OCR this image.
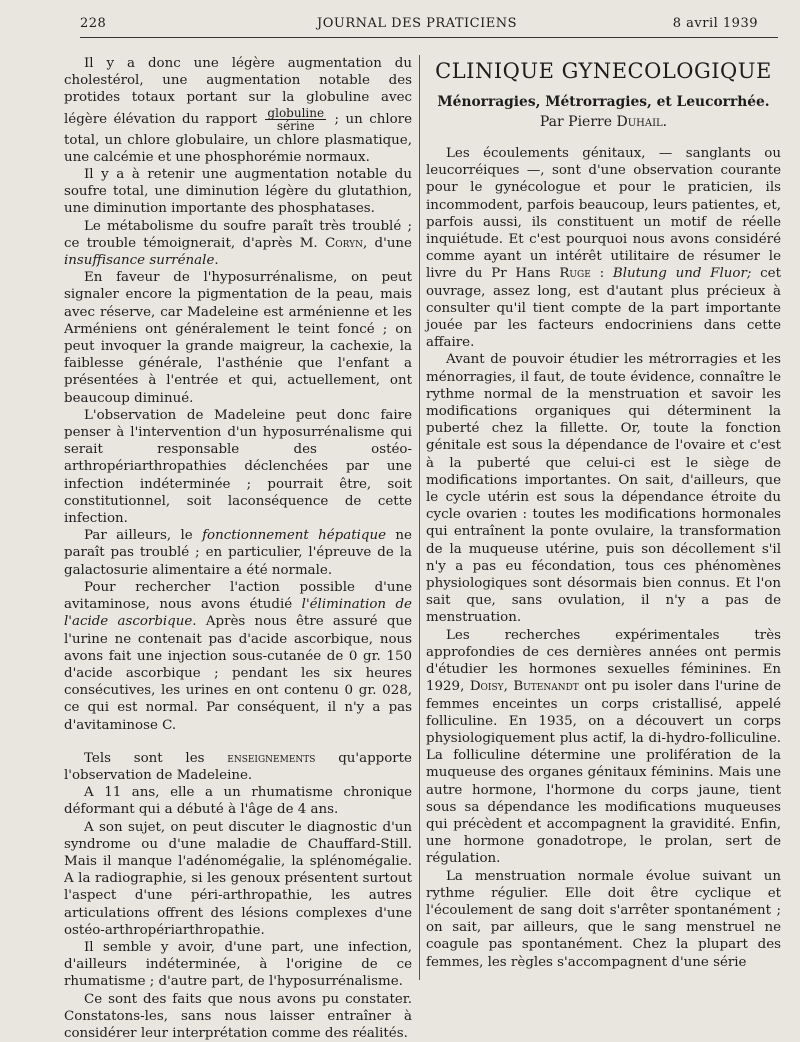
228	JOURNAL DES PRATICIENS	8 avril 1939

Il y a donc une légère augmentation du cholestérol, une augmentation notable des protides totaux portant sur la globuline avec légère élévation du rapport $\frac{\text{globuline}}{\text{sérine}}$ ; un chlore total, un chlore globulaire, un chlore plasmatique, une calcémie et une phosphorémie normaux.

Il y a à retenir une augmentation notable du soufre total, une diminution légère du glutathion, une diminution importante des phosphatases.

Le métabolisme du soufre paraît très troublé ; ce trouble témoignerait, d'après M. Coryn, d'une insuffisance surrénale.

En faveur de l'hyposurrénalisme, on peut signaler encore la pigmentation de la peau, mais avec réserve, car Madeleine est arménienne et les Arméniens ont généralement le teint foncé ; on peut invoquer la grande maigreur, la cachexie, la faiblesse générale, l'asthénie que l'enfant a présentées à l'entrée et qui, actuellement, ont beaucoup diminué.

L'observation de Madeleine peut donc faire penser à l'intervention d'un hyposurrénalisme qui serait responsable des ostéo-arthropériarthropathies déclenchées par une infection indéterminée ; pourrait être, soit constitutionnel, soit laconséquence de cette infection.

Par ailleurs, le fonctionnement hépatique ne paraît pas troublé ; en particulier, l'épreuve de la galactosurie alimentaire a été normale.

Pour rechercher l'action possible d'une avitaminose, nous avons étudié l'élimination de l'acide ascorbique. Après nous être assuré que l'urine ne contenait pas d'acide ascorbique, nous avons fait une injection sous-cutanée de 0 gr. 150 d'acide ascorbique ; pendant les six heures consécutives, les urines en ont contenu 0 gr. 028, ce qui est normal. Par conséquent, il n'y a pas d'avitaminose C.

Tels sont les enseignements qu'apporte l'observation de Madeleine.

A 11 ans, elle a un rhumatisme chronique déformant qui a débuté à l'âge de 4 ans.

A son sujet, on peut discuter le diagnostic d'un syndrome ou d'une maladie de Chauffard-Still. Mais il manque l'adénomégalie, la splénomégalie. A la radiographie, si les genoux présentent surtout l'aspect d'une péri-arthropathie, les autres articulations offrent des lésions complexes d'une ostéo-arthropériarthropathie.

Il semble y avoir, d'une part, une infection, d'ailleurs indéterminée, à l'origine de ce rhumatisme ; d'autre part, de l'hyposurrénalisme.

Ce sont des faits que nous avons pu constater. Constatons-les, sans nous laisser entraîner à considérer leur interprétation comme des réalités.

CLINIQUE GYNECOLOGIQUE
Ménorragies, Métrorragies, et Leucorrhée.
Par Pierre Duhail.

Les écoulements génitaux, — sanglants ou leucorréiques —, sont d'une observation courante pour le gynécologue et pour le praticien, ils incommodent, parfois beaucoup, leurs patientes, et, parfois aussi, ils constituent un motif de réelle inquiétude. Et c'est pourquoi nous avons considéré comme ayant un intérêt utilitaire de résumer le livre du Pr Hans Ruge : Blutung und Fluor; cet ouvrage, assez long, est d'autant plus précieux à consulter qu'il tient compte de la part importante jouée par les facteurs endocriniens dans cette affaire.

Avant de pouvoir étudier les métrorragies et les ménorragies, il faut, de toute évidence, connaître le rythme normal de la menstruation et savoir les modifications organiques qui déterminent la puberté chez la fillette. Or, toute la fonction génitale est sous la dépendance de l'ovaire et c'est à la puberté que celui-ci est le siège de modifications importantes. On sait, d'ailleurs, que le cycle utérin est sous la dépendance étroite du cycle ovarien : toutes les modifications hormonales qui entraînent la ponte ovulaire, la transformation de la muqueuse utérine, puis son décollement s'il n'y a pas eu fécondation, tous ces phénomènes physiologiques sont désormais bien connus. Et l'on sait que, sans ovulation, il n'y a pas de menstruation.

Les recherches expérimentales très approfondies de ces dernières années ont permis d'étudier les hormones sexuelles féminines. En 1929, Doisy, Butenandt ont pu isoler dans l'urine de femmes enceintes un corps cristallisé, appelé folliculine. En 1935, on a découvert un corps physiologiquement plus actif, la di-hydro-folliculine. La folliculine détermine une prolifération de la muqueuse des organes génitaux féminins. Mais une autre hormone, l'hormone du corps jaune, tient sous sa dépendance les modifications muqueuses qui précèdent et accompagnent la gravidité. Enfin, une hormone gonadotrope, le prolan, sert de régulation.

La menstruation normale évolue suivant un rythme régulier. Elle doit être cyclique et l'écoulement de sang doit s'arrêter spontanément ; on sait, par ailleurs, que le sang menstruel ne coagule pas spontanément. Chez la plupart des femmes, les règles s'accompagnent d'une série
